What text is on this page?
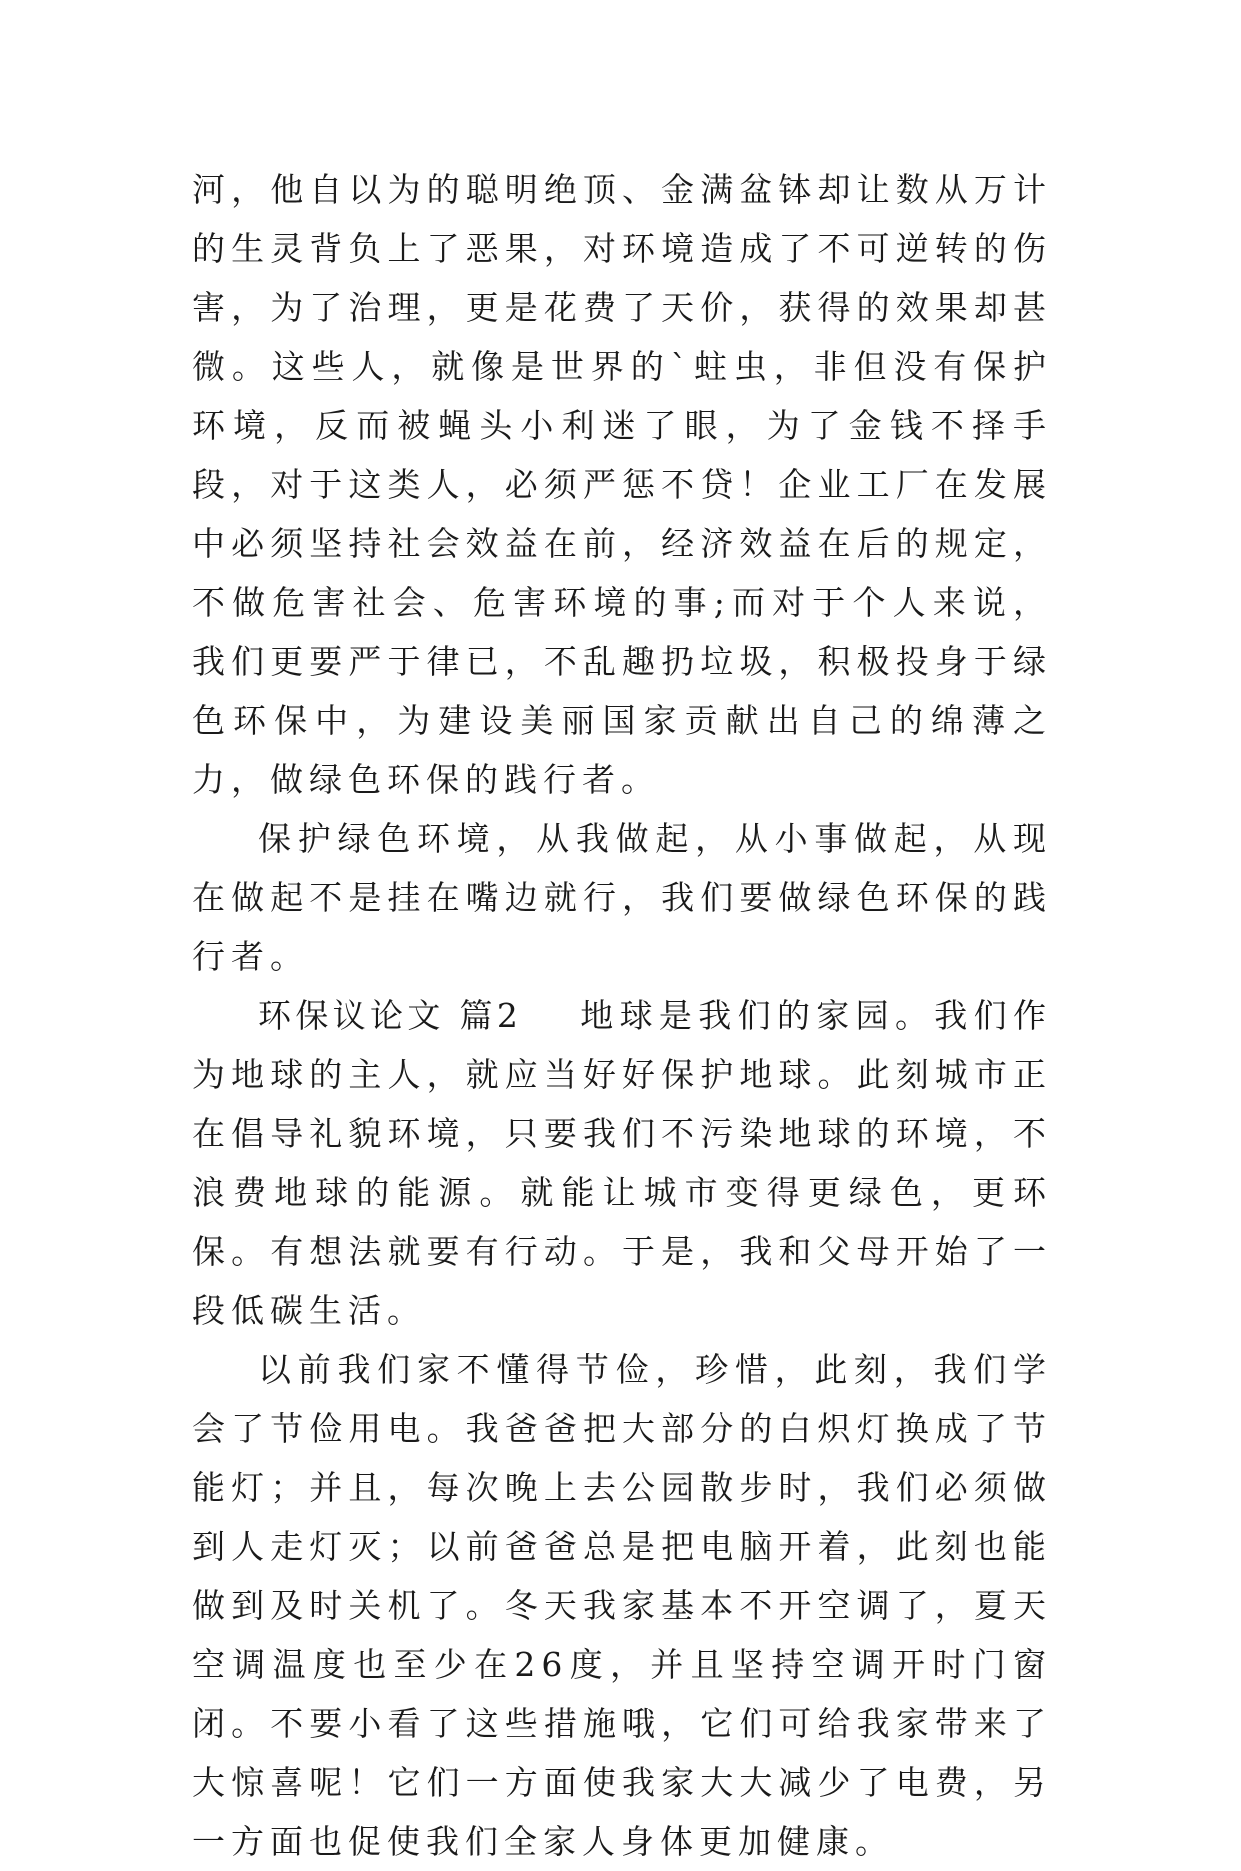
河，他自以为的聪明绝顶、金满盆钵却让数从万计的生灵背负上了恶果，对环境造成了不可逆转的伤害，为了治理，更是花费了天价，获得的效果却甚微。这些人，就像是世界的`蛀虫，非但没有保护环境，反而被蝇头小利迷了眼，为了金钱不择手段，对于这类人，必须严惩不贷！企业工厂在发展中必须坚持社会效益在前，经济效益在后的规定，不做危害社会、危害环境的事;而对于个人来说，我们更要严于律已，不乱趣扔垃圾，积极投身于绿色环保中，为建设美丽国家贡献出自己的绵薄之力，做绿色环保的践行者。

保护绿色环境，从我做起，从小事做起，从现在做起不是挂在嘴边就行，我们要做绿色环保的践行者。

环保议论文 篇2 地球是我们的家园。我们作为地球的主人，就应当好好保护地球。此刻城市正在倡导礼貌环境，只要我们不污染地球的环境，不浪费地球的能源。就能让城市变得更绿色，更环保。有想法就要有行动。于是，我和父母开始了一段低碳生活。

以前我们家不懂得节俭，珍惜，此刻，我们学会了节俭用电。我爸爸把大部分的白炽灯换成了节能灯；并且，每次晚上去公园散步时，我们必须做到人走灯灭；以前爸爸总是把电脑开着，此刻也能做到及时关机了。冬天我家基本不开空调了，夏天空调温度也至少在26度，并且坚持空调开时门窗闭。不要小看了这些措施哦，它们可给我家带来了大惊喜呢！它们一方面使我家大大减少了电费，另一方面也促使我们全家人身体更加健康。
